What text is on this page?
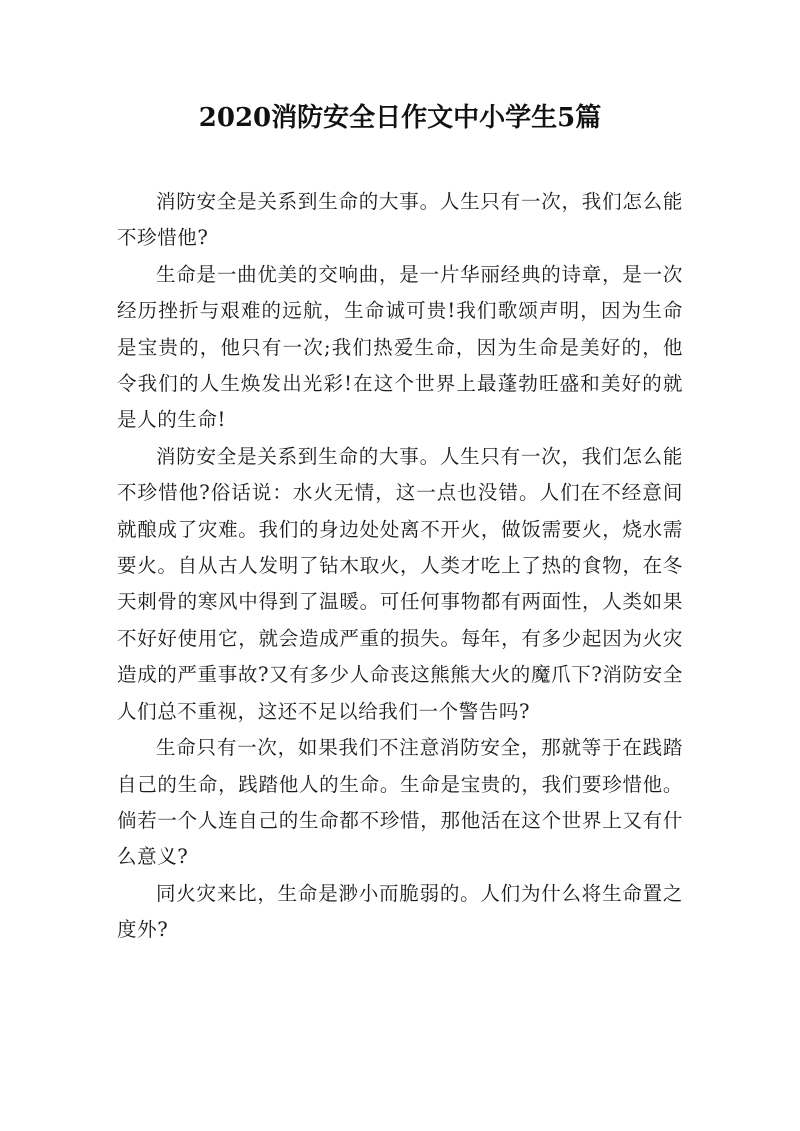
2020消防安全日作文中小学生5篇

消防安全是关系到生命的大事。人生只有一次，我们怎么能不珍惜他?

生命是一曲优美的交响曲，是一片华丽经典的诗章，是一次经历挫折与艰难的远航，生命诚可贵!我们歌颂声明，因为生命是宝贵的，他只有一次;我们热爱生命，因为生命是美好的，他令我们的人生焕发出光彩!在这个世界上最蓬勃旺盛和美好的就是人的生命!

消防安全是关系到生命的大事。人生只有一次，我们怎么能不珍惜他?俗话说：水火无情，这一点也没错。人们在不经意间就酿成了灾难。我们的身边处处离不开火，做饭需要火，烧水需要火。自从古人发明了钻木取火，人类才吃上了热的食物，在冬天刺骨的寒风中得到了温暖。可任何事物都有两面性，人类如果不好好使用它，就会造成严重的损失。每年，有多少起因为火灾造成的严重事故?又有多少人命丧这熊熊大火的魔爪下?消防安全人们总不重视，这还不足以给我们一个警告吗?

生命只有一次，如果我们不注意消防安全，那就等于在践踏自己的生命，践踏他人的生命。生命是宝贵的，我们要珍惜他。倘若一个人连自己的生命都不珍惜，那他活在这个世界上又有什么意义?

同火灾来比，生命是渺小而脆弱的。人们为什么将生命置之度外?
